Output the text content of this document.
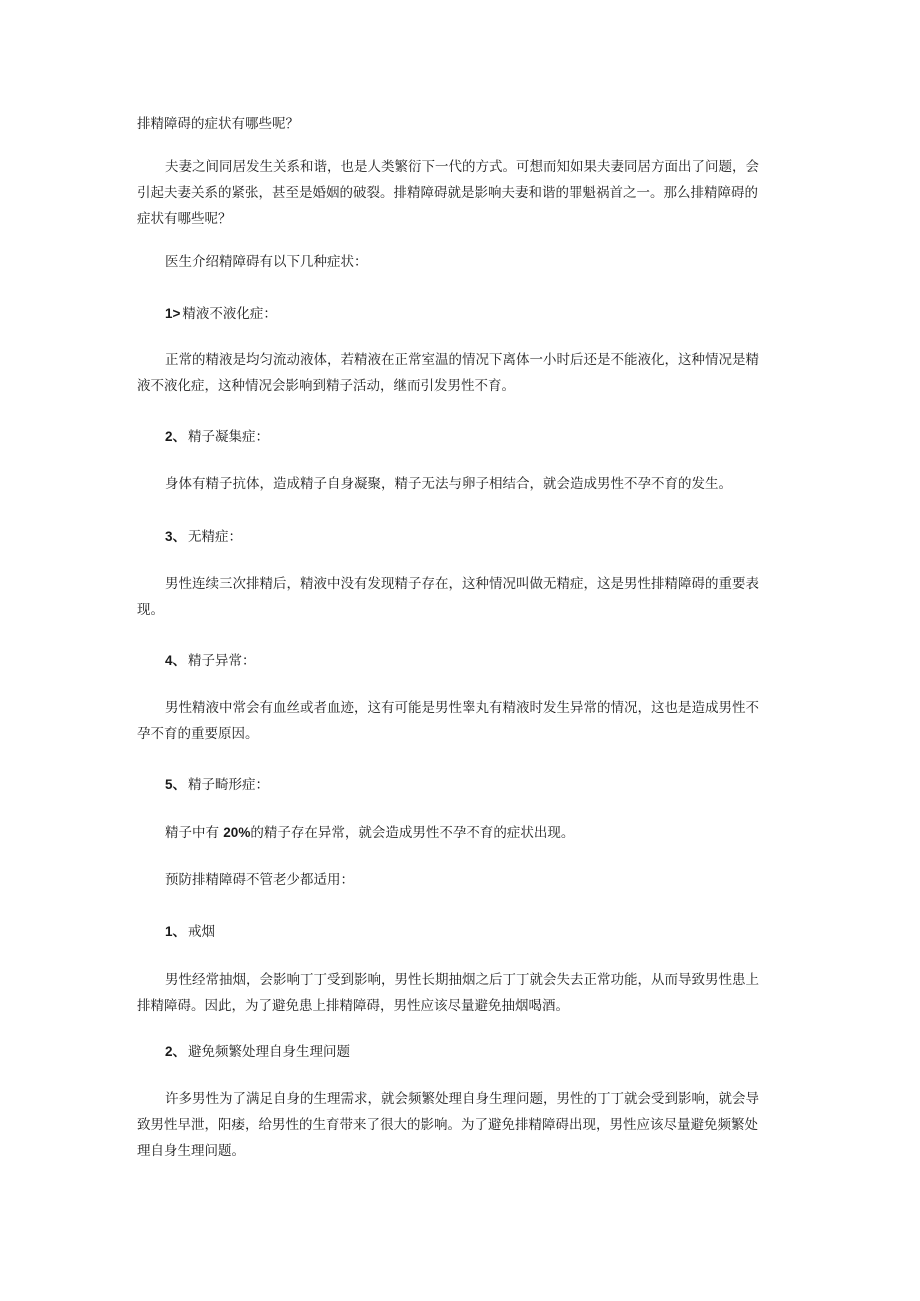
排精障碍的症状有哪些呢？
夫妻之间同居发生关系和谐，也是人类繁衍下一代的方式。可想而知如果夫妻同居方面出了问题，会
引起夫妻关系的紧张，甚至是婚姻的破裂。排精障碍就是影响夫妻和谐的罪魁祸首之一。那么排精障碍的
症状有哪些呢？
医生介绍精障碍有以下几种症状：
1> 精液不液化症：
正常的精液是均匀流动液体，若精液在正常室温的情况下离体一小时后还是不能液化，这种情况是精
液不液化症，这种情况会影响到精子活动，继而引发男性不育。
2、 精子凝集症：
身体有精子抗体，造成精子自身凝聚，精子无法与卵子相结合，就会造成男性不孕不育的发生。
3、 无精症：
男性连续三次排精后，精液中没有发现精子存在，这种情况叫做无精症，这是男性排精障碍的重要表
现。
4、 精子异常：
男性精液中常会有血丝或者血迹，这有可能是男性睾丸有精液时发生异常的情况，这也是造成男性不
孕不育的重要原因。
5、 精子畸形症：
精子中有 20%的精子存在异常，就会造成男性不孕不育的症状出现。
预防排精障碍不管老少都适用：
1、 戒烟
男性经常抽烟，会影响丁丁受到影响，男性长期抽烟之后丁丁就会失去正常功能，从而导致男性患上
排精障碍。因此，为了避免患上排精障碍，男性应该尽量避免抽烟喝酒。
2、 避免频繁处理自身生理问题
许多男性为了满足自身的生理需求，就会频繁处理自身生理问题，男性的丁丁就会受到影响，就会导
致男性早泄，阳痿，给男性的生育带来了很大的影响。为了避免排精障碍出现，男性应该尽量避免频繁处
理自身生理问题。
